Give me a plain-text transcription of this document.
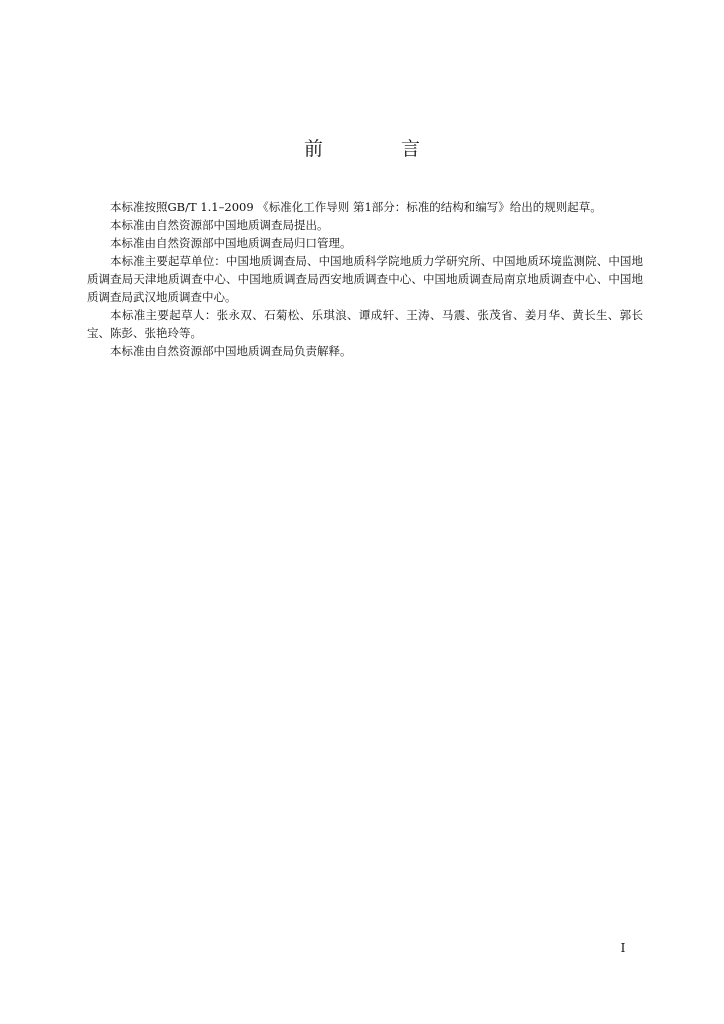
前 言

本标准按照GB/T 1.1–2009 《标准化工作导则 第1部分：标准的结构和编写》给出的规则起草。

本标准由自然资源部中国地质调查局提出。

本标准由自然资源部中国地质调查局归口管理。

本标准主要起草单位：中国地质调查局、中国地质科学院地质力学研究所、中国地质环境监测院、中国地质调查局天津地质调查中心、中国地质调查局西安地质调查中心、中国地质调查局南京地质调查中心、中国地质调查局武汉地质调查中心。

本标准主要起草人：张永双、石菊松、乐琪浪、谭成轩、王涛、马震、张茂省、姜月华、黄长生、郭长宝、陈彭、张艳玲等。

本标准由自然资源部中国地质调查局负责解释。

I
